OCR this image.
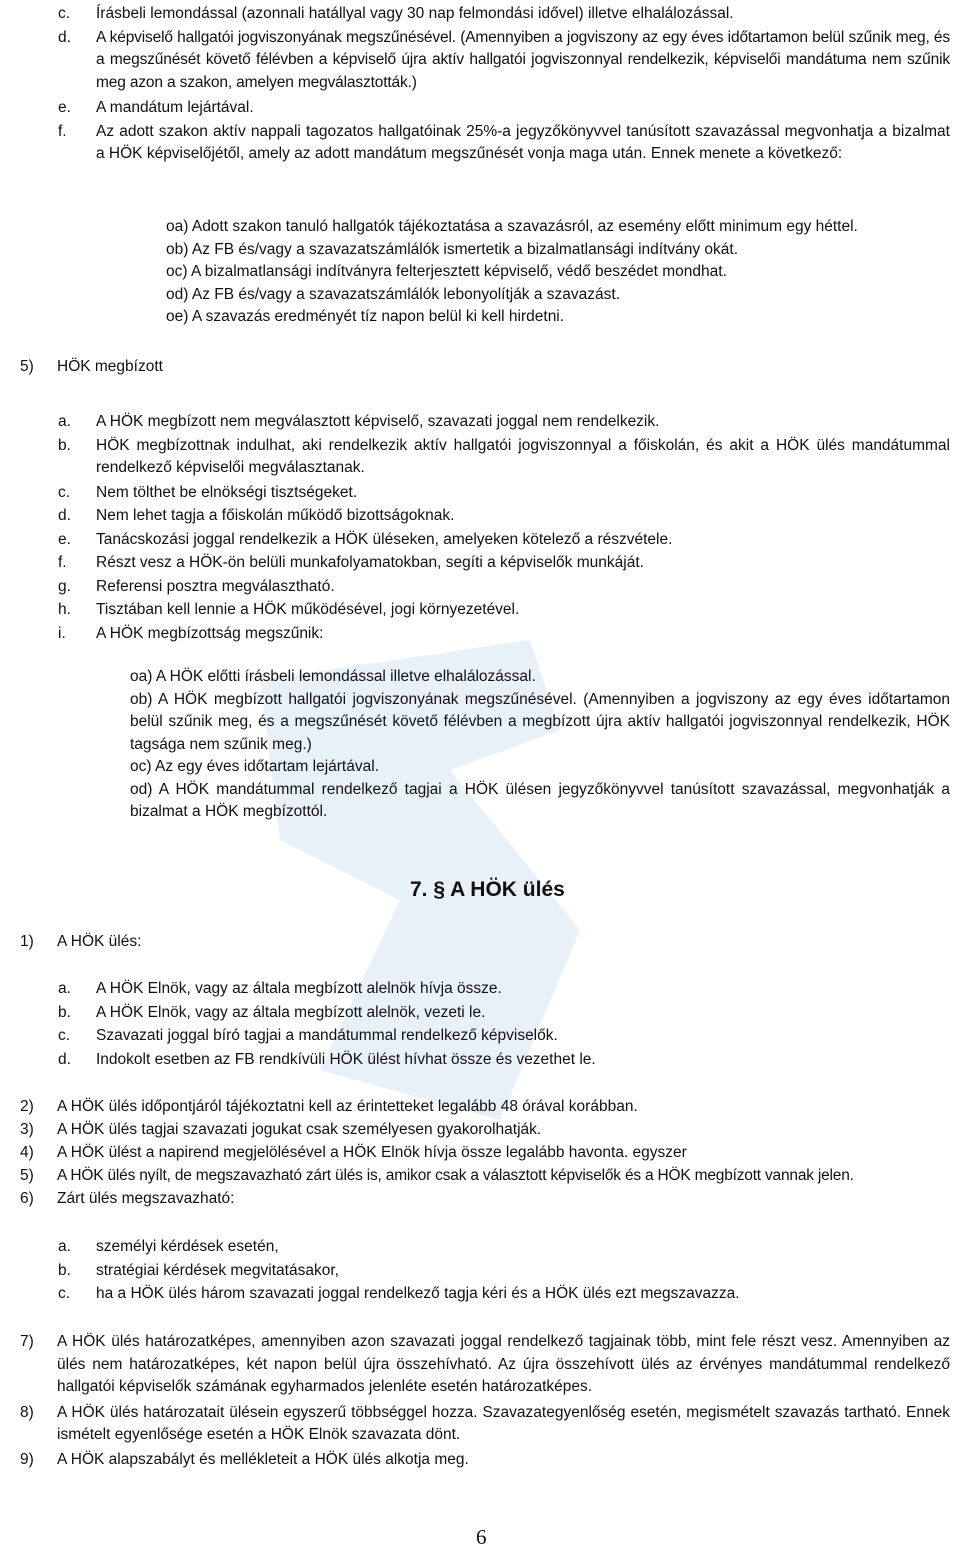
c.	Írásbeli lemondással (azonnali hatállyal vagy 30 nap felmondási idővel) illetve elhalálozással.
d.	A képviselő hallgatói jogviszonyának megszűnésével. (Amennyiben a jogviszony az egy éves időtartamon belül szűnik meg, és a megszűnését követő félévben a képviselő újra aktív hallgatói jogviszonnyal rendelkezik, képviselői mandátuma nem szűnik meg azon a szakon, amelyen megválasztották.)
e.	A mandátum lejártával.
f.	Az adott szakon aktív nappali tagozatos hallgatóinak 25%-a jegyzőkönyvvel tanúsított szavazással megvonhatja a bizalmat a HÖK képviselőjétől, amely az adott mandátum megszűnését vonja maga után. Ennek menete a következő:
oa) Adott szakon tanuló hallgatók tájékoztatása a szavazásról, az esemény előtt minimum egy héttel.
ob) Az FB és/vagy a szavazatszámlálók ismertetik a bizalmatlansági indítvány okát.
oc) A bizalmatlansági indítványra felterjesztett képviselő, védő beszédet mondhat.
od) Az FB és/vagy a szavazatszámlálók lebonyolítják a szavazást.
oe) A szavazás eredményét tíz napon belül ki kell hirdetni.
5)	HÖK megbízott
a.	A HÖK megbízott nem megválasztott képviselő, szavazati joggal nem rendelkezik.
b.	HÖK megbízottnak indulhat, aki rendelkezik aktív hallgatói jogviszonnyal a főiskolán, és akit a HÖK ülés mandátummal rendelkező képviselői megválasztanak.
c.	Nem tölthet be elnökségi tisztségeket.
d.	Nem lehet tagja a főiskolán működő bizottságoknak.
e.	Tanácskozási joggal rendelkezik a HÖK üléseken, amelyeken kötelező a részvétele.
f.	Részt vesz a HÖK-ön belüli munkafolyamatokban, segíti a képviselők munkáját.
g.	Referensi posztra megválasztható.
h.	Tisztában kell lennie a HÖK működésével, jogi környezetével.
i.	A HÖK megbízottság megszűnik:
oa) A HÖK előtti írásbeli lemondással illetve elhalálozással.
ob) A HÖK megbízott hallgatói jogviszonyának megszűnésével. (Amennyiben a jogviszony az egy éves időtartamon belül szűnik meg, és a megszűnését követő félévben a megbízott újra aktív hallgatói jogviszonnyal rendelkezik, HÖK tagsága nem szűnik meg.)
oc) Az egy éves időtartam lejártával.
od) A HÖK mandátummal rendelkező tagjai a HÖK ülésen jegyzőkönyvvel tanúsított szavazással, megvonhatják a bizalmat a HÖK megbízottól.
7. § A HÖK ülés
1)	A HÖK ülés:
a.	A HÖK Elnök, vagy az általa megbízott alelnök hívja össze.
b.	A HÖK Elnök, vagy az általa megbízott alelnök, vezeti le.
c.	Szavazati joggal bíró tagjai a mandátummal rendelkező képviselők.
d.	Indokolt esetben az FB rendkívüli HÖK ülést hívhat össze és vezethet le.
2)	A HÖK ülés időpontjáról tájékoztatni kell az érintetteket legalább 48 órával korábban.
3)	A HÖK ülés tagjai szavazati jogukat csak személyesen gyakorolhatják.
4)	A HÖK ülést a napirend megjelölésével a HÖK Elnök hívja össze legalább havonta. egyszer
5)	A HÖK ülés nyílt, de megszavazható zárt ülés is, amikor csak a választott képviselők és a HÖK megbízott vannak jelen.
6)	Zárt ülés megszavazható:
a.	személyi kérdések esetén,
b.	stratégiai kérdések megvitatásakor,
c.	ha a HÖK ülés három szavazati joggal rendelkező tagja kéri és a HÖK ülés ezt megszavazza.
7)	A HÖK ülés határozatképes, amennyiben azon szavazati joggal rendelkező tagjainak több, mint fele részt vesz. Amennyiben az ülés nem határozatképes, két napon belül újra összehívható. Az újra összehívott ülés az érvényes mandátummal rendelkező hallgatói képviselők számának egyharmados jelenléte esetén határozatképes.
8)	A HÖK ülés határozatait ülésein egyszerű többséggel hozza. Szavazategyenlőség esetén, megismételt szavazás tartható. Ennek ismételt egyenlősége esetén a HÖK Elnök szavazata dönt.
9)	A HÖK alapszabályt és mellékleteit a HÖK ülés alkotja meg.
6
